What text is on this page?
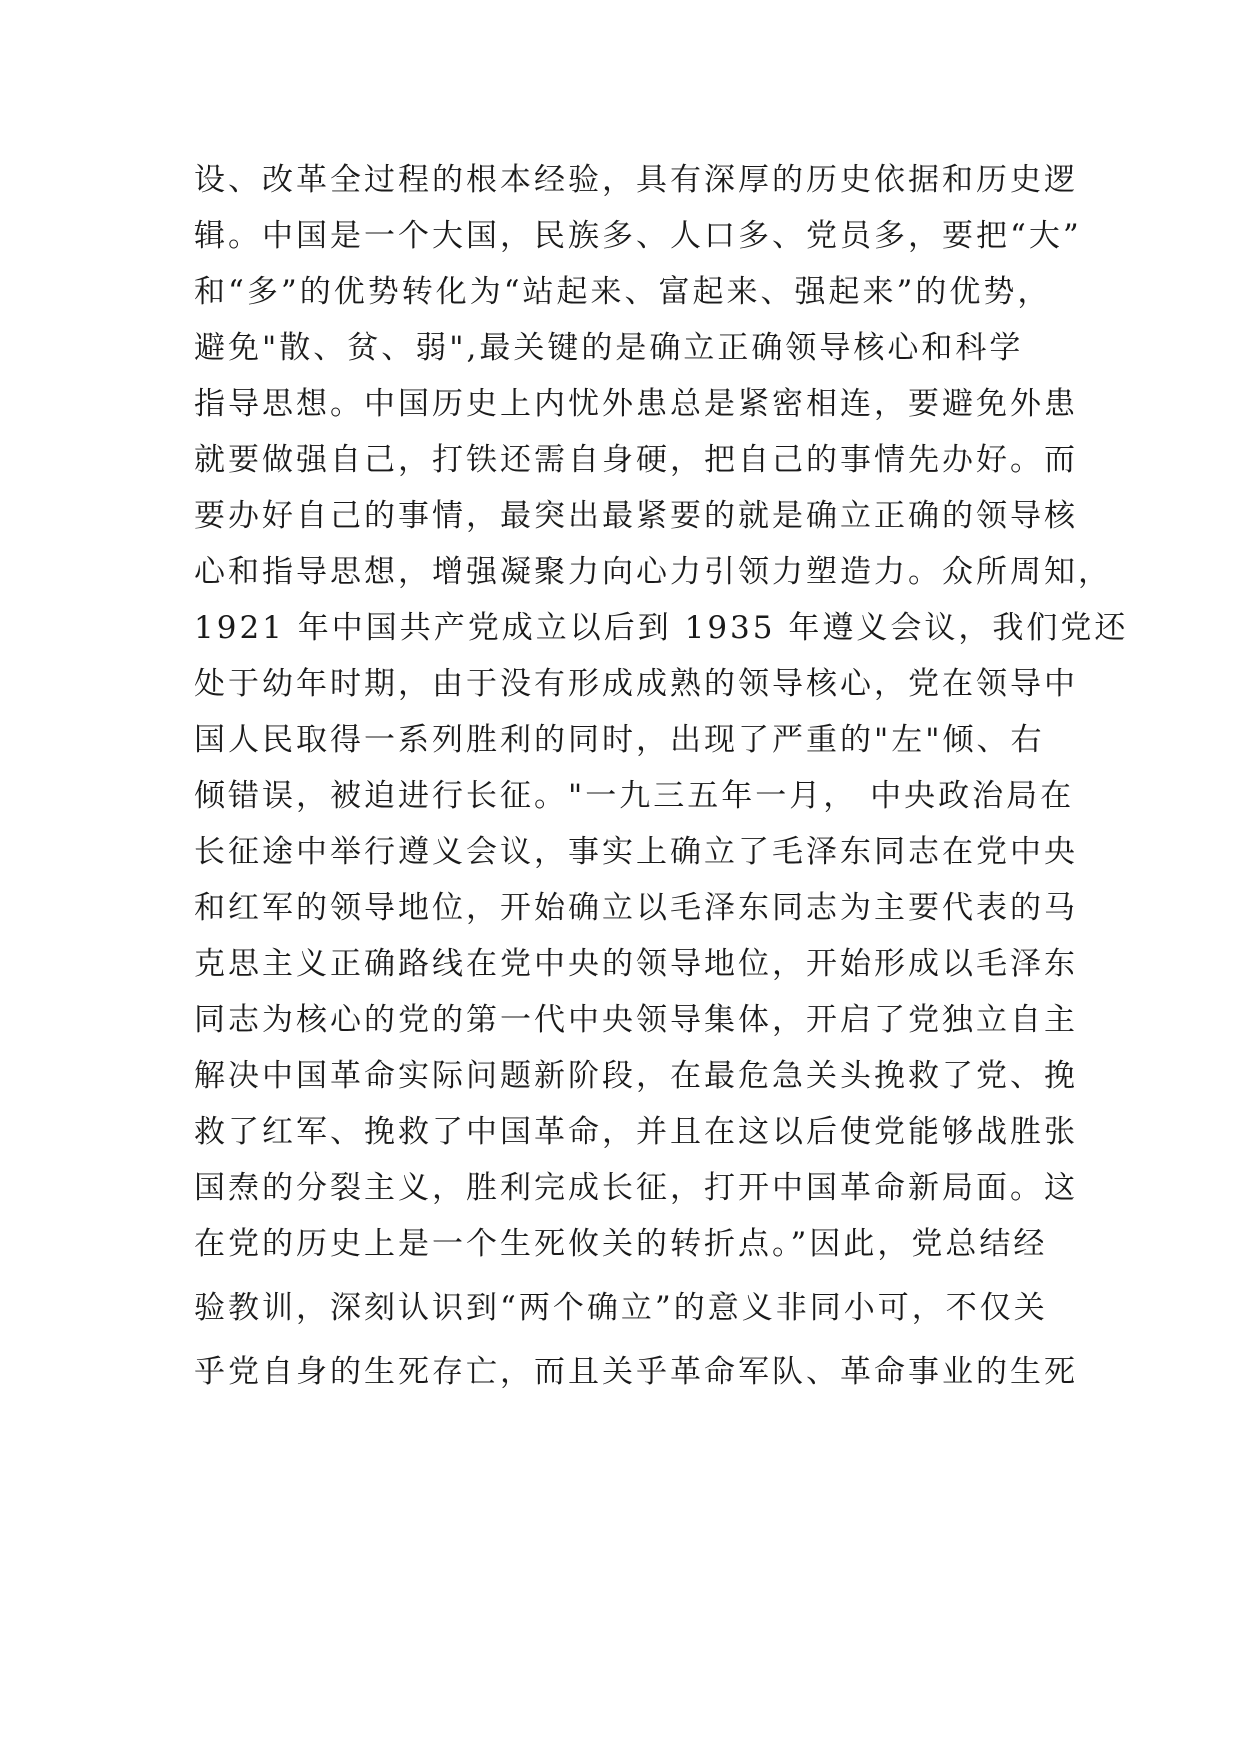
设、改革全过程的根本经验，具有深厚的历史依据和历史逻
辑。中国是一个大国，民族多、人口多、党员多，要把“大”
和“多”的优势转化为“站起来、富起来、强起来”的优势，
避免"散、贫、弱",最关键的是确立正确领导核心和科学
指导思想。中国历史上内忧外患总是紧密相连，要避免外患
就要做强自己，打铁还需自身硬，把自己的事情先办好。而
要办好自己的事情，最突出最紧要的就是确立正确的领导核
心和指导思想，增强凝聚力向心力引领力塑造力。众所周知，
1921 年中国共产党成立以后到 1935 年遵义会议，我们党还
处于幼年时期，由于没有形成成熟的领导核心，党在领导中
国人民取得一系列胜利的同时，出现了严重的"左"倾、右
倾错误，被迫进行长征。"一九三五年一月， 中央政治局在
长征途中举行遵义会议，事实上确立了毛泽东同志在党中央
和红军的领导地位，开始确立以毛泽东同志为主要代表的马
克思主义正确路线在党中央的领导地位，开始形成以毛泽东
同志为核心的党的第一代中央领导集体，开启了党独立自主
解决中国革命实际问题新阶段，在最危急关头挽救了党、挽
救了红军、挽救了中国革命，并且在这以后使党能够战胜张
国焘的分裂主义，胜利完成长征，打开中国革命新局面。这
在党的历史上是一个生死攸关的转折点。”因此，党总结经
验教训，深刻认识到“两个确立”的意义非同小可，不仅关
乎党自身的生死存亡，而且关乎革命军队、革命事业的生死
